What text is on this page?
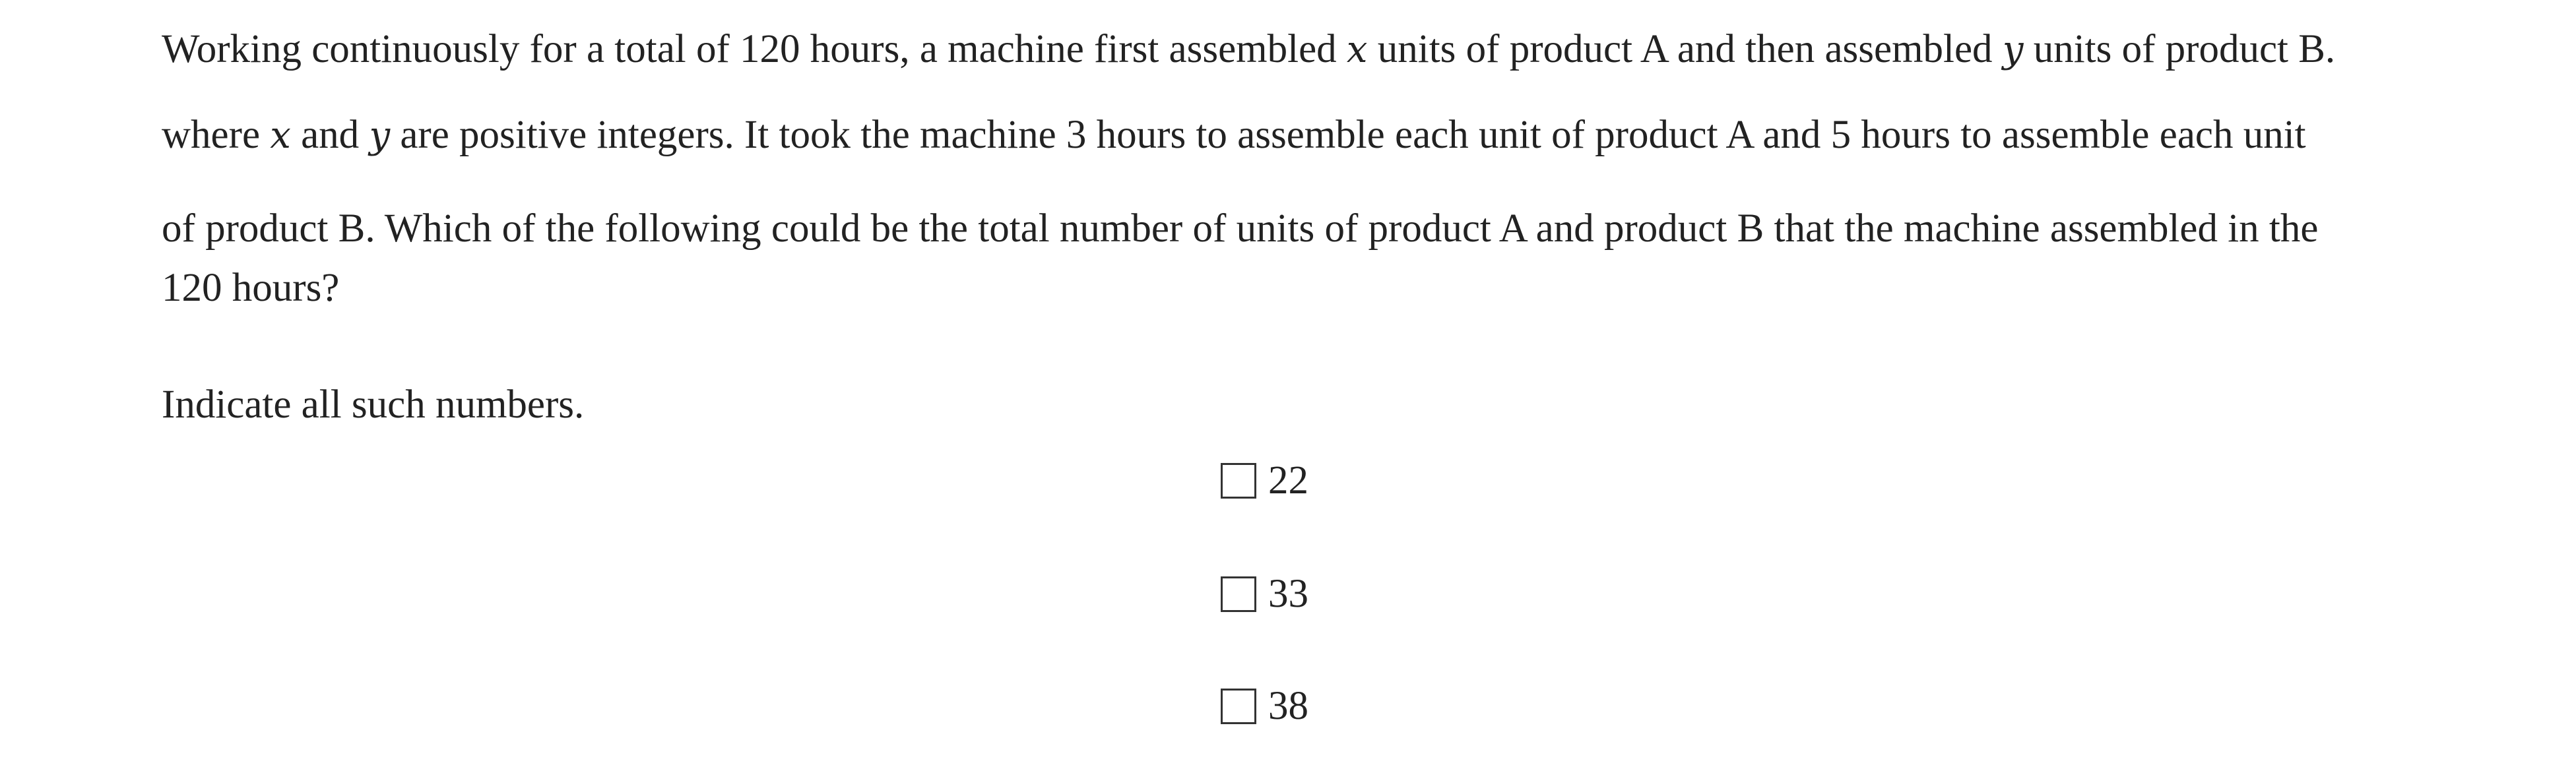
Working continuously for a total of 120 hours, a machine first assembled x units of product A and then assembled y units of product B.
where x and y are positive integers. It took the machine 3 hours to assemble each unit of product A and 5 hours to assemble each unit
of product B. Which of the following could be the total number of units of product A and product B that the machine assembled in the
120 hours?
Indicate all such numbers.
22
33
38
